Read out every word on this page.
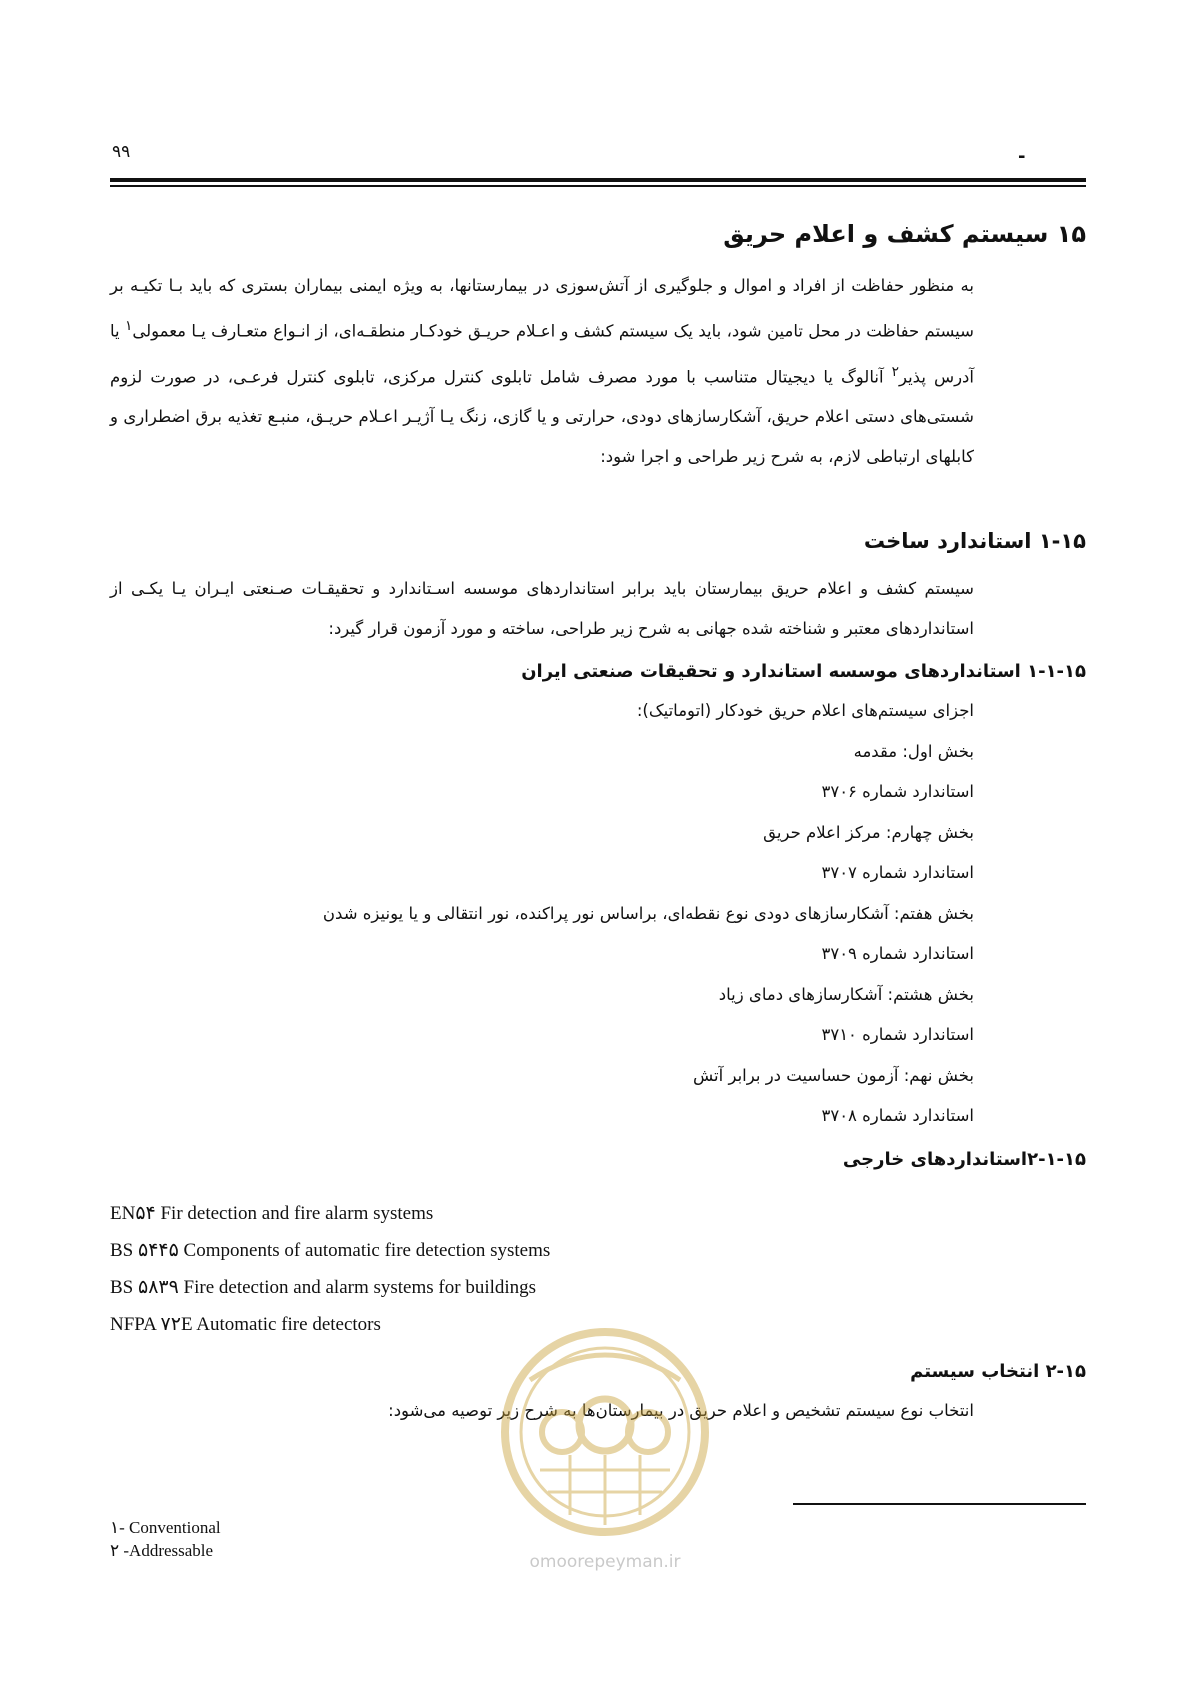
۹۹	-
۱۵ سیستم کشف و اعلام حریق

به منظور حفاظت از افراد و اموال و جلوگیری از آتش‌سوزی در بیمارستانها، به ویژه ایمنی بیماران بستری که باید بـا تکیـه بر سیستم حفاظت در محل تامین شود، باید یک سیستم کشف و اعـلام حریـق خودکـار منطقـه‌ای، از انـواع متعـارف یـا معمولی$^۱$ یا آدرس پذیر$^۲$ آنالوگ یا دیجیتال متناسب با مورد مصرف شامل تابلوی کنترل مرکزی، تابلوی کنترل فرعـی، در صورت لزوم شستی‌های دستی اعلام حریق، آشکارسازهای دودی، حرارتی و یا گازی، زنگ یـا آژیـر اعـلام حریـق، منبـع تغذیه برق اضطراری و کابلهای ارتباطی لازم، به شرح زیر طراحی و اجرا شود:

۱-۱۵ استاندارد ساخت

سیستم کشف و اعلام حریق بیمارستان باید برابر استانداردهای موسسه اسـتاندارد و تحقیقـات صـنعتی ایـران یـا یکـی از استانداردهای معتبر و شناخته شده جهانی به شرح زیر طراحی، ساخته و مورد آزمون قرار گیرد:

۱-۱-۱۵ استانداردهای موسسه استاندارد و تحقیقات صنعتی ایران
اجزای سیستم‌های اعلام حریق خودکار (اتوماتیک):
بخش اول: مقدمه
استاندارد شماره ۳۷۰۶
بخش چهارم: مرکز اعلام حریق
استاندارد شماره ۳۷۰۷
بخش هفتم: آشکارسازهای دودی نوع نقطه‌ای، براساس نور پراکنده، نور انتقالی و یا یونیزه شدن
استاندارد شماره ۳۷۰۹
بخش هشتم: آشکارسازهای دمای زیاد
استاندارد شماره ۳۷۱۰
بخش نهم: آزمون حساسیت در برابر آتش
استاندارد شماره ۳۷۰۸
۲-۱-۱۵استانداردهای خارجی
EN۵۴ Fir detection and fire alarm systems
BS ۵۴۴۵ Components of automatic fire detection systems
BS ۵۸۳۹ Fire detection and alarm systems for buildings
NFPA ۷۲E Automatic fire detectors
۲-۱۵ انتخاب سیستم

انتخاب نوع سیستم تشخیص و اعلام حریق در بیمارستان‌ها به شرح زیر توصیه می‌شود:

omoorepeyman.ir
۱- Conventional
۲ -Addressable
